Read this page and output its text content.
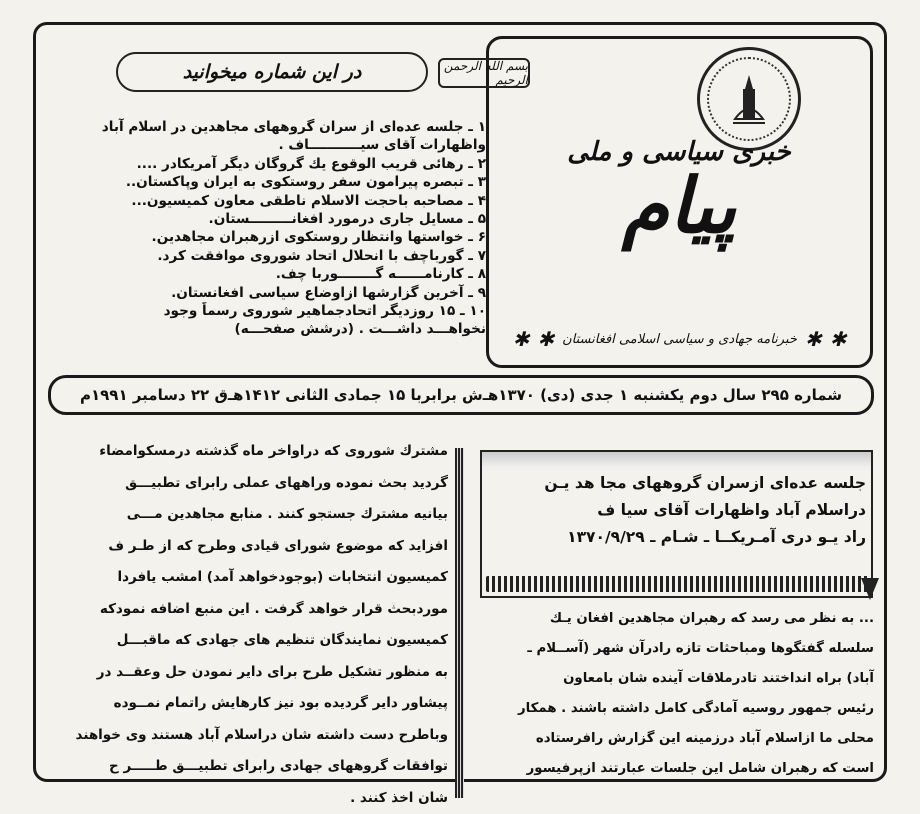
خبری سیاسی و ملی
پیام
✱
✱
خبرنامه جهادی و سیاسی اسلامی افغانستان
✱
✱
بسم الله الرحمن الرحیم
در این شماره میخوانید
۱ ـ جلسه عده‌ای از سران گروههای مجاهدین در اسلام آباد
واظهارات آقای سیـــــــــــاف .
۲ ـ رهائی قریب الوقوع یك گروگان دیگر آمریکادر ....
۳ ـ تبصره پیرامون سفر روستکوی به ایران وپاکستان..
۴ ـ مصاحبه باحجت الاسلام ناطقی معاون کمیسیون...
۵ ـ مسایل جاری درمورد افغانـــــــــستان.
۶ ـ خواستها وانتظار روستکوی ازرهبران مجاهدین.
۷ ـ گورباچف با انحلال اتحاد شوروی موافقت کرد.
۸ ـ کارنامــــــه گــــــــوربا چف.
۹ ـ آخرین گزارشها ازاوضاع سیاسی افغانستان.
۱۰ ـ ۱۵ روزدیگر اتحادجماهیر شوروی رسماً وجود
نخواهـــد داشـــت . (درشش صفحـــه)
شماره ۲۹۵ سال دوم یکشنبه ۱ جدی (دی) ۱۳۷۰هـ‌ش برابربا ۱۵ جمادی الثانی ۱۴۱۲هـ‌ق ۲۲ دسامبر ۱۹۹۱م

مشترك شوروی که دراواخر ماه گذشته درمسکوامضاء

گردید بحث نموده وراههای عملی رابرای تطبیـــق

بیانیه مشترك جستجو کنند . منابع مجاهدین مـــی

افزاید که موضوع شورای قیادی وطرح که از طـر ف

کمیسیون انتخابات (بوجودخواهد آمد) امشب یافردا

موردبحث قرار خواهد گرفت . این منبع اضافه نمودکه

کمیسیون نمایندگان تنظیم های جهادی که ما‌قبـــل

به منظور تشکیل طرح برای دایر نمودن حل وعقــد در

پیشاور دایر گردیده بود نیز کارهایش راتمام نمــوده

وباطرح دست داشته شان دراسلام آباد هستند وی خواهند

توافقات گروههای جهادی رابرای تطبیـــق طـــــر ح

شان اخذ کنند .

جلسه عده‌ای ازسران گروههای مجا هد یـن
دراسلام آباد واظهارات آقای سیا ف
راد یـو دری آمـریکــا ـ شـام ـ ۱۳۷۰/۹/۲۹

... به نظر می رسد که رهبران مجاهدین افغان یـك

سلسله گفتگوها ومباحثات تازه رادرآن شهر (آســلام ـ

آباد) براه انداختند تادرملاقات آینده شان بامعاون

رئیس جمهور روسیه آمادگی کامل داشته باشند . همکار

محلی ما ازاسلام آباد درزمینه این گزارش رافرستاده

است که رهبران شامل این جلسات عبارتند ازپرفیسور
